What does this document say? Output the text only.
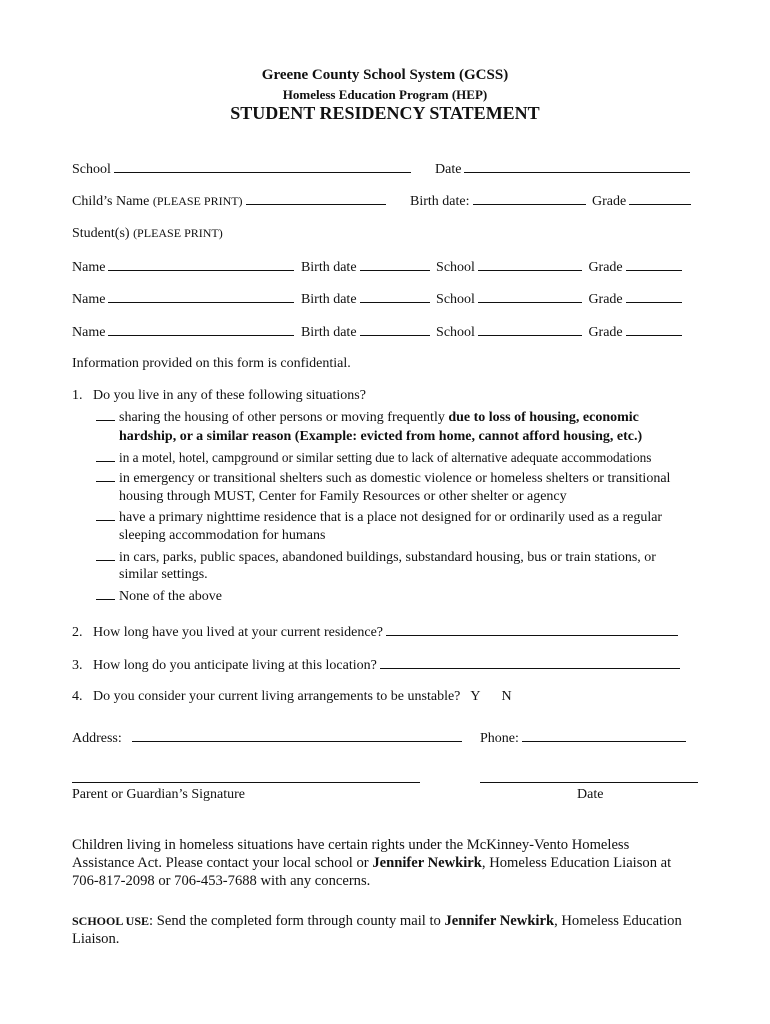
Greene County School System (GCSS)
Homeless Education Program (HEP)
STUDENT RESIDENCY STATEMENT
School	Date
Child’s Name (PLEASE PRINT)	Birth date:	Grade
Student(s) (PLEASE PRINT)
Name	Birth date	School	Grade
Name	Birth date	School	Grade
Name	Birth date	School	Grade
Information provided on this form is confidential.
1. Do you live in any of these following situations?
sharing the housing of other persons or moving frequently due to loss of housing, economic
hardship, or a similar reason (Example: evicted from home, cannot afford housing, etc.)
in a motel, hotel, campground or similar setting due to lack of alternative adequate accommodations
in emergency or transitional shelters such as domestic violence or homeless shelters or transitional
housing through MUST, Center for Family Resources or other shelter or agency
have a primary nighttime residence that is a place not designed for or ordinarily used as a regular
sleeping accommodation for humans
in cars, parks, public spaces, abandoned buildings, substandard housing, bus or train stations, or
similar settings.
None of the above
2. How long have you lived at your current residence?
3. How long do you anticipate living at this location?
4. Do you consider your current living arrangements to be unstable? Y N
Address:	Phone:
Parent or Guardian’s Signature	Date
Children living in homeless situations have certain rights under the McKinney-Vento Homeless
Assistance Act. Please contact your local school or Jennifer Newkirk, Homeless Education Liaison at
706-817-2098 or 706-453-7688 with any concerns.
SCHOOL USE: Send the completed form through county mail to Jennifer Newkirk, Homeless Education
Liaison.
